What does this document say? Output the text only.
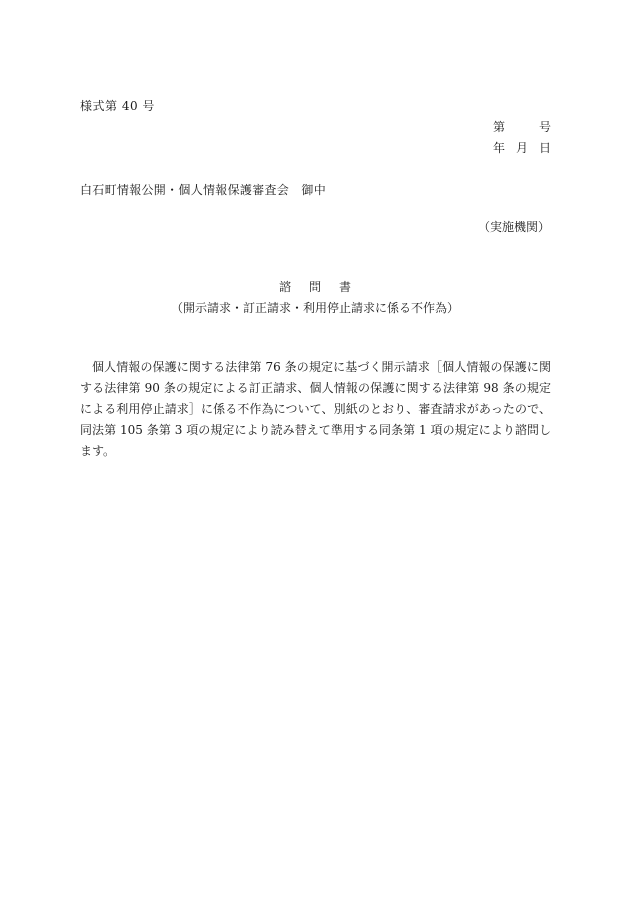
様式第 40 号
第	号
年 月 日
白石町情報公開・個人情報保護審査会　御中
（実施機関）
諮問書
（開示請求・訂正請求・利用停止請求に係る不作為）

個人情報の保護に関する法律第 76 条の規定に基づく開示請求［個人情報の保護に関する法律第 90 条の規定による訂正請求、個人情報の保護に関する法律第 98 条の規定による利用停止請求］に係る不作為について、別紙のとおり、審査請求があったので、同法第 105 条第 3 項の規定により読み替えて準用する同条第 1 項の規定により諮問します。
